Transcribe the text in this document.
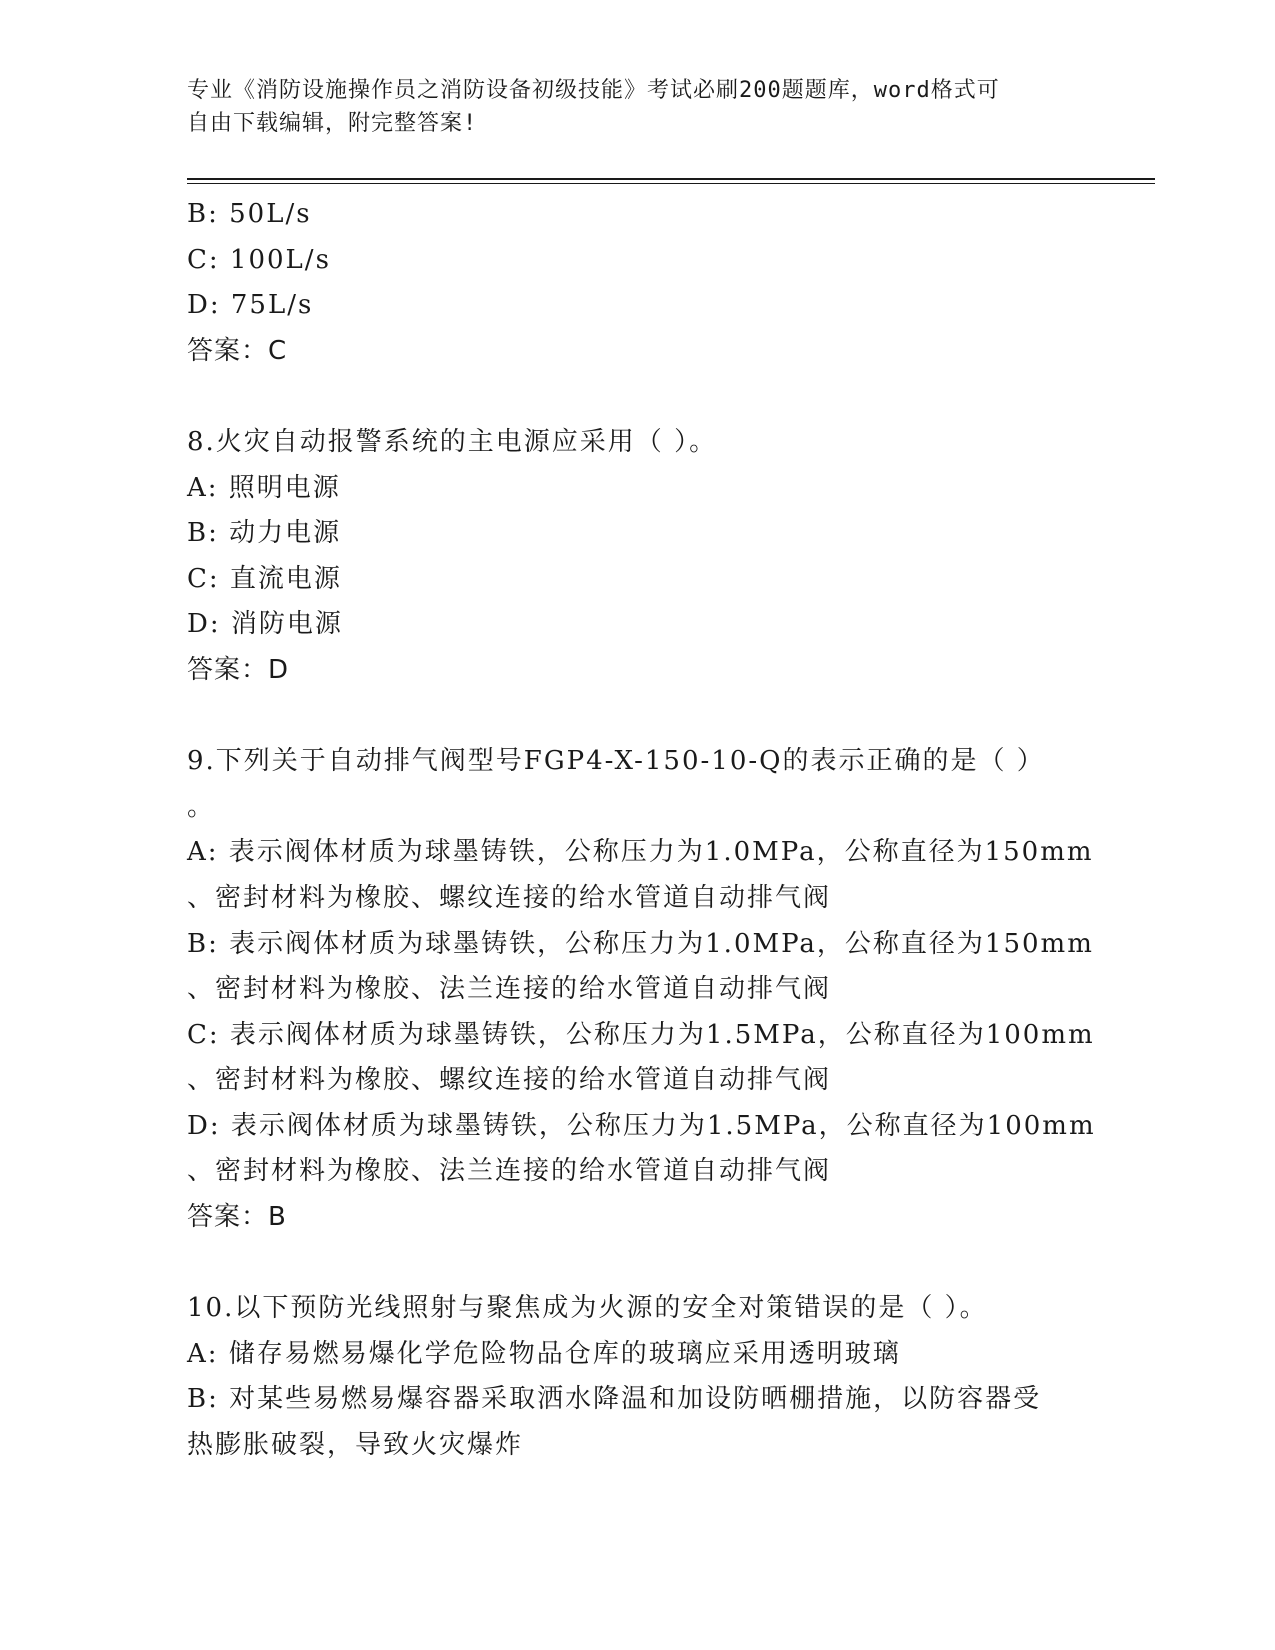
专业《消防设施操作员之消防设备初级技能》考试必刷200题题库，word格式可
自由下载编辑，附完整答案!
B: 50L/s
C: 100L/s
D: 75L/s
答案：C
8.火灾自动报警系统的主电源应采用（ ）。
A: 照明电源
B: 动力电源
C: 直流电源
D: 消防电源
答案：D
9.下列关于自动排气阀型号FGP4-X-150-10-Q的表示正确的是（ ）
。
A: 表示阀体材质为球墨铸铁，公称压力为1.0MPa，公称直径为150mm
、密封材料为橡胶、螺纹连接的给水管道自动排气阀
B: 表示阀体材质为球墨铸铁，公称压力为1.0MPa，公称直径为150mm
、密封材料为橡胶、法兰连接的给水管道自动排气阀
C: 表示阀体材质为球墨铸铁，公称压力为1.5MPa，公称直径为100mm
、密封材料为橡胶、螺纹连接的给水管道自动排气阀
D: 表示阀体材质为球墨铸铁，公称压力为1.5MPa，公称直径为100mm
、密封材料为橡胶、法兰连接的给水管道自动排气阀
答案：B
10.以下预防光线照射与聚焦成为火源的安全对策错误的是（ ）。
A: 储存易燃易爆化学危险物品仓库的玻璃应采用透明玻璃
B: 对某些易燃易爆容器采取洒水降温和加设防晒棚措施，以防容器受
热膨胀破裂，导致火灾爆炸
